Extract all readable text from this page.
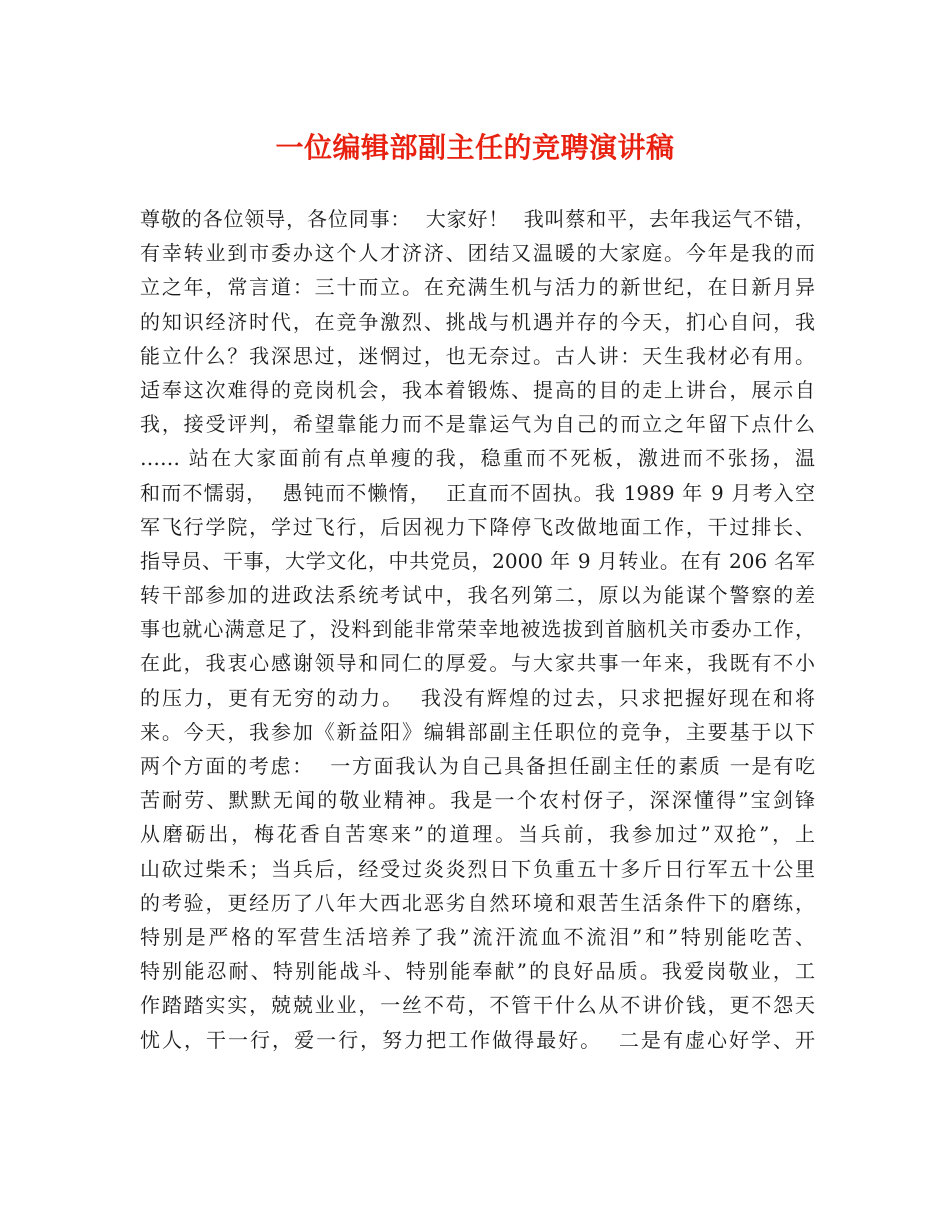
一位编辑部副主任的竞聘演讲稿
尊敬的各位领导，各位同事：  大家好！  我叫蔡和平，去年我运气不错，
有幸转业到市委办这个人才济济、团结又温暖的大家庭。今年是我的而
立之年，常言道：三十而立。在充满生机与活力的新世纪，在日新月异
的知识经济时代，在竞争激烈、挑战与机遇并存的今天，扪心自问，我
能立什么？我深思过，迷惘过，也无奈过。古人讲：天生我材必有用。
适奉这次难得的竞岗机会，我本着锻炼、提高的目的走上讲台，展示自
我，接受评判，希望靠能力而不是靠运气为自己的而立之年留下点什么
…… 站在大家面前有点单瘦的我，稳重而不死板，激进而不张扬，温
和而不懦弱，  愚钝而不懒惰，  正直而不固执。我 1989 年 9 月考入空
军飞行学院，学过飞行，后因视力下降停飞改做地面工作，干过排长、
指导员、干事，大学文化，中共党员，2000 年 9 月转业。在有 206 名军
转干部参加的进政法系统考试中，我名列第二，原以为能谋个警察的差
事也就心满意足了，没料到能非常荣幸地被选拔到首脑机关市委办工作，
在此，我衷心感谢领导和同仁的厚爱。与大家共事一年来，我既有不小
的压力，更有无穷的动力。  我没有辉煌的过去，只求把握好现在和将
来。今天，我参加《新益阳》编辑部副主任职位的竞争，主要基于以下
两个方面的考虑：  一方面我认为自己具备担任副主任的素质 一是有吃
苦耐劳、默默无闻的敬业精神。我是一个农村伢子，深深懂得”宝剑锋
从磨砺出，梅花香自苦寒来”的道理。当兵前，我参加过”双抢”，上
山砍过柴禾；当兵后，经受过炎炎烈日下负重五十多斤日行军五十公里
的考验，更经历了八年大西北恶劣自然环境和艰苦生活条件下的磨练，
特别是严格的军营生活培养了我”流汗流血不流泪”和”特别能吃苦、
特别能忍耐、特别能战斗、特别能奉献”的良好品质。我爱岗敬业，工
作踏踏实实，兢兢业业，一丝不苟，不管干什么从不讲价钱，更不怨天
忧人，干一行，爱一行，努力把工作做得最好。  二是有虚心好学、开
